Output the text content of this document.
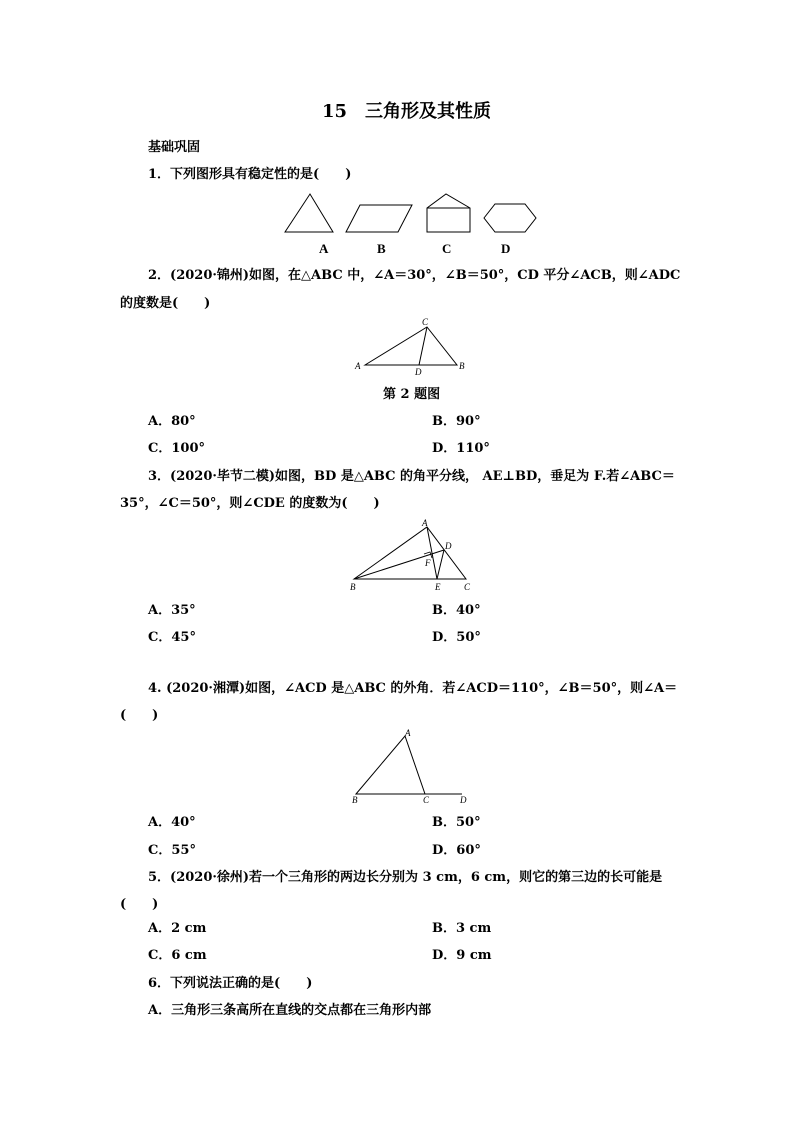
15　三角形及其性质
基础巩固
1．下列图形具有稳定性的是(　　)
A	B	C	D
2．(2020·锦州)如图，在△ABC 中，∠A＝30°，∠B＝50°，CD 平分∠ACB，则∠ADC
的度数是(　　)
A	B
C
D
第 2 题图
A．80°	B．90°
C．100°	D．110°
3．(2020·毕节二模)如图，BD 是△ABC 的角平分线， AE⊥BD，垂足为 F.若∠ABC＝
35°，∠C＝50°，则∠CDE 的度数为(　　)
A
B	C
D
E
F
A．35°	B．40°
C．45°	D．50°
4. (2020·湘潭)如图，∠ACD 是△ABC 的外角．若∠ACD＝110°，∠B＝50°，则∠A＝
(　　)
A
B	C	D
A．40°	B．50°
C．55°	D．60°
5．(2020·徐州)若一个三角形的两边长分别为 3 cm，6 cm，则它的第三边的长可能是
(　　)
A．2 cm	B．3 cm
C．6 cm	D．9 cm
6．下列说法正确的是(　　)
A．三角形三条高所在直线的交点都在三角形内部
